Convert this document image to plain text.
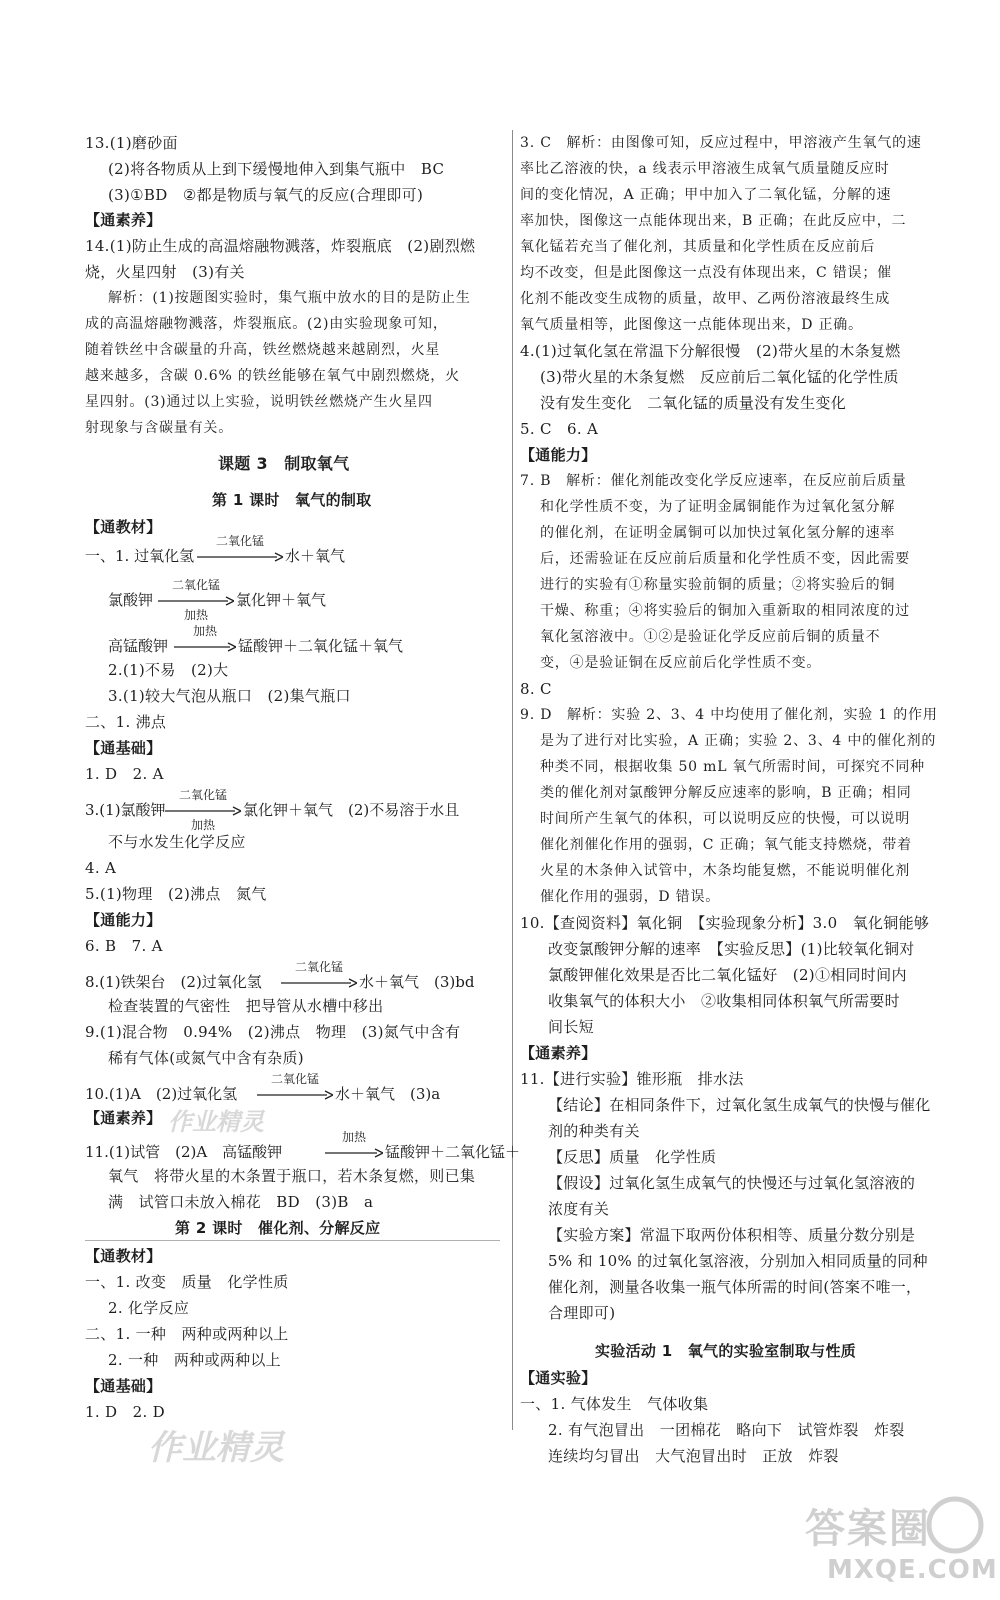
13.(1)磨砂面
(2)将各物质从上到下缓慢地伸入到集气瓶中　BC
(3)①BD　②都是物质与氧气的反应(合理即可)
【通素养】
14.(1)防止生成的高温熔融物溅落，炸裂瓶底　(2)剧烈燃
烧，火星四射　(3)有关
解析：(1)按题图实验时，集气瓶中放水的目的是防止生
成的高温熔融物溅落，炸裂瓶底。(2)由实验现象可知，
随着铁丝中含碳量的升高，铁丝燃烧越来越剧烈，火星
越来越多，含碳 0.6% 的铁丝能够在氧气中剧烈燃烧，火
星四射。(3)通过以上实验，说明铁丝燃烧产生火星四
射现象与含碳量有关。
课题 3　制取氧气
第 1 课时　氧气的制取
【通教材】
一、1. 过氧化氢
二氧化锰
水＋氧气
氯酸钾
二氧化锰
加热
氯化钾＋氧气
高锰酸钾
加热
锰酸钾＋二氧化锰＋氧气
2.(1)不易　(2)大
3.(1)较大气泡从瓶口　(2)集气瓶口
二、1. 沸点
【通基础】
1. D　2. A
3.(1)氯酸钾
二氧化锰
加热
氯化钾＋氧气　(2)不易溶于水且
不与水发生化学反应
4. A
5.(1)物理　(2)沸点　氮气
【通能力】
6. B　7. A
8.(1)铁架台　(2)过氧化氢
二氧化锰
水＋氧气　(3)bd
检查装置的气密性　把导管从水槽中移出
9.(1)混合物　0.94%　(2)沸点　物理　(3)氮气中含有
稀有气体(或氮气中含有杂质)
10.(1)A　(2)过氧化氢
二氧化锰
水＋氧气　(3)a
【通素养】 作业精灵
11.(1)试管　(2)A　高锰酸钾
加热
→ 锰酸钾＋二氧化锰＋
氧气　将带火星的木条置于瓶口，若木条复燃，则已集
满　试管口未放入棉花　BD　(3)B　a
第 2 课时　催化剂、分解反应
【通教材】
一、1. 改变　质量　化学性质
2. 化学反应
二、1. 一种　两种或两种以上
2. 一种　两种或两种以上
【通基础】
1. D　2. D
作业精灵
3. C　解析：由图像可知，反应过程中，甲溶液产生氧气的速
率比乙溶液的快，a 线表示甲溶液生成氧气质量随反应时
间的变化情况，A 正确；甲中加入了二氧化锰，分解的速
率加快，图像这一点能体现出来，B 正确；在此反应中，二
氧化锰若充当了催化剂，其质量和化学性质在反应前后
均不改变，但是此图像这一点没有体现出来，C 错误；催
化剂不能改变生成物的质量，故甲、乙两份溶液最终生成
氧气质量相等，此图像这一点能体现出来，D 正确。
4.(1)过氧化氢在常温下分解很慢　(2)带火星的木条复燃
(3)带火星的木条复燃　反应前后二氧化锰的化学性质
没有发生变化　二氧化锰的质量没有发生变化
5. C　6. A
【通能力】
7. B　解析：催化剂能改变化学反应速率，在反应前后质量
和化学性质不变，为了证明金属铜能作为过氧化氢分解
的催化剂，在证明金属铜可以加快过氧化氢分解的速率
后，还需验证在反应前后质量和化学性质不变，因此需要
进行的实验有①称量实验前铜的质量；②将实验后的铜
干燥、称重；④将实验后的铜加入重新取的相同浓度的过
氧化氢溶液中。①②是验证化学反应前后铜的质量不
变，④是验证铜在反应前后化学性质不变。
8. C
9. D　解析：实验 2、3、4 中均使用了催化剂，实验 1 的作用
是为了进行对比实验，A 正确；实验 2、3、4 中的催化剂的
种类不同，根据收集 50 mL 氧气所需时间，可探究不同种
类的催化剂对氯酸钾分解反应速率的影响，B 正确；相同
时间所产生氧气的体积，可以说明反应的快慢，可以说明
催化剂催化作用的强弱，C 正确；氧气能支持燃烧，带着
火星的木条伸入试管中，木条均能复燃，不能说明催化剂
催化作用的强弱，D 错误。
10.【查阅资料】氧化铜　【实验现象分析】3.0　氧化铜能够
改变氯酸钾分解的速率　【实验反思】(1)比较氧化铜对
氯酸钾催化效果是否比二氧化锰好　(2)①相同时间内
收集氧气的体积大小　②收集相同体积氧气所需要时
间长短
【通素养】
11.【进行实验】锥形瓶　排水法
【结论】在相同条件下，过氧化氢生成氧气的快慢与催化
剂的种类有关
【反思】质量　化学性质
【假设】过氧化氢生成氧气的快慢还与过氧化氢溶液的
浓度有关
【实验方案】常温下取两份体积相等、质量分数分别是
5% 和 10% 的过氧化氢溶液，分别加入相同质量的同种
催化剂，测量各收集一瓶气体所需的时间(答案不唯一，
合理即可)
实验活动 1　氧气的实验室制取与性质
【通实验】
一、1. 气体发生　气体收集
2. 有气泡冒出　一团棉花　略向下　试管炸裂　炸裂
连续均匀冒出　大气泡冒出时　正放　炸裂
答案圈
MXQE.COM
